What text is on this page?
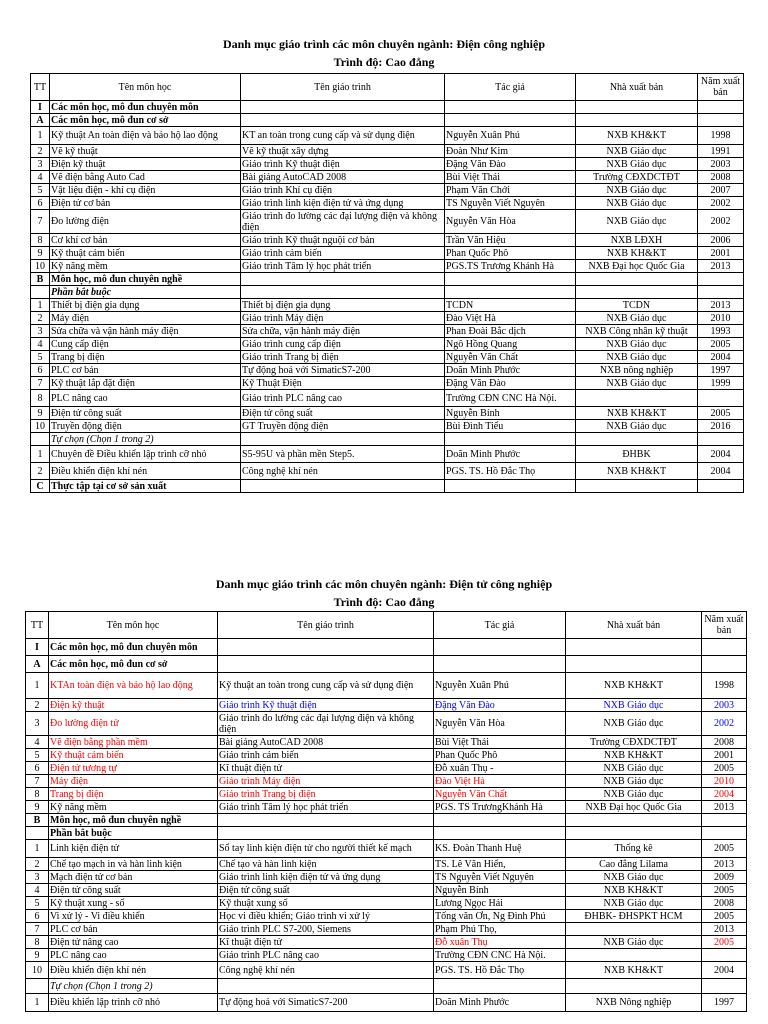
Danh mục giáo trình các môn chuyên ngành: Điện công nghiệp
Trình độ: Cao đẳng
TT	Tên môn học	Tên giáo trình	Tác giả	Nhà xuất bản	Năm xuất bản
I	Các môn học, mô đun chuyên môn				
A	Các môn học, mô đun cơ sở				
1	Kỹ thuật An toàn điện và bảo hộ lao động	KT an toàn trong cung cấp và sử dụng điện	Nguyễn Xuân Phú	NXB KH&KT	1998
2	Vẽ kỹ thuật	Vẽ kỹ thuật xây dựng	Đoàn Như Kim	NXB Giáo dục	1991
3	Điện kỹ thuật	Giáo trình Kỹ thuật điện	Đặng Văn Đào	NXB Giáo dục	2003
4	Vẽ điện bằng Auto Cad	Bài giảng AutoCAD 2008	Bùi Việt Thái	Trường CĐXDCTĐT	2008
5	Vật liệu điện - khí cụ điện	Giáo trình Khí cụ điện	Phạm Văn Chới	NXB Giáo dục	2007
6	Điện tử cơ bản	Giáo trình linh kiện điện tử và ứng dụng	TS Nguyễn Viết Nguyên	NXB Giáo dục	2002
7	Đo lường điện	Giáo trình đo lường các đại lượng điện và không điện	Nguyễn Văn Hòa	NXB Giáo dục	2002
8	Cơ khí cơ bản	Giáo trình Kỹ thuật nguội cơ bản	Trần Văn Hiệu	NXB LĐXH	2006
9	Kỹ thuật cảm biến	Giáo trình cảm biến	Phan Quốc Phô	NXB KH&KT	2001
10	Kỹ năng mềm	Giáo trình Tâm lý học phát triển	PGS.TS Trương Khánh Hà	NXB Đại học Quốc Gia	2013
B	Môn học, mô đun chuyên nghề				
	Phần bắt buộc				
1	Thiết bị điện gia dụng	Thiết bị điện gia dụng	TCDN	TCDN	2013
2	Máy điện	Giáo trình Máy điện	Đào Việt Hà	NXB Giáo dục	2010
3	Sửa chữa và vận hành máy điện	Sửa chữa, vận hành máy điện	Phan Đoài Bắc dịch	NXB Công nhân kỹ thuật	1993
4	Cung cấp điện	Giáo trình cung cấp điện	Ngô Hồng Quang	NXB Giáo dục	2005
5	Trang bị điện	Giáo trình Trang bị điện	Nguyễn Văn Chất	NXB Giáo dục	2004
6	PLC cơ bản	Tự động hoá với SimaticS7-200	Doãn Minh Phước	NXB nông nghiệp	1997
7	Kỹ thuật lắp đặt điện	Kỹ Thuật Điện	Đặng Văn Đào	NXB Giáo dục	1999
8	PLC nâng cao	Giáo trình PLC nâng cao	Trường CĐN CNC Hà Nội.		
9	Điện tử công suất	Điện tử công suất	Nguyễn Bính	NXB KH&KT	2005
10	Truyền động điện	GT Truyền động điện	Bùi Đình Tiểu	NXB Giáo dục	2016
	Tự chọn (Chọn 1 trong 2)				
1	Chuyên đề Điều khiển lập trình cỡ nhỏ	S5-95U và phần mền Step5.	Doãn Minh Phước	ĐHBK	2004
2	Điều khiển điện khí nén	Công nghệ khí nén	PGS. TS. Hồ Đắc Thọ	NXB KH&KT	2004
C	Thực tập tại cơ sở sản xuất				
Danh mục giáo trình các môn chuyên ngành: Điện tử công nghiệp
Trình độ: Cao đẳng
TT	Tên môn học	Tên giáo trình	Tác giả	Nhà xuất bản	Năm xuất bản
I	Các môn học, mô đun chuyên môn				
A	Các môn học, mô đun cơ sở				
1	KTAn toàn điện và bảo hộ lao động	Kỹ thuật an toàn trong cung cấp và sử dụng điện	Nguyễn Xuân Phú	NXB KH&KT	1998
2	Điện kỹ thuật	Giáo trình Kỹ thuật điện	Đặng Văn Đào	NXB Giáo dục	2003
3	Đo lường điện tử	Giáo trình đo lường các đại lượng điện và không điện	Nguyễn Văn Hòa	NXB Giáo dục	2002
4	Vẽ điện bằng phần mềm	Bài giảng AutoCAD 2008	Bùi Việt Thái	Trường CĐXDCTĐT	2008
5	Kỹ thuật cảm biến	Giáo trình cảm biến	Phan Quốc Phô	NXB KH&KT	2001
6	Điện tử tương tự	Kĩ thuật điện tử	Đỗ xuân Thụ -	NXB Giáo dục	2005
7	Máy điện	Giáo trình Máy điện	Đào Việt Hà	NXB Giáo dục	2010
8	Trang bị điện	Giáo trình Trang bị điện	Nguyễn Văn Chất	NXB Giáo dục	2004
9	Kỹ năng mềm	Giáo trình Tâm lý học phát triển	PGS. TS TrươngKhánh Hà	NXB Đại học Quốc Gia	2013
B	Môn học, mô đun chuyên nghề				
	Phần bắt buộc				
1	Linh kiện điện tử	Sổ tay linh kiện điện tử cho người thiết kế mạch	KS. Đoàn Thanh Huệ	Thống kê	2005
2	Chế tạo mạch in và hàn linh kiện	Chế tạo và hàn linh kiện	TS. Lê Văn Hiển,	Cao đẳng Lilama	2013
3	Mạch điện tử cơ bản	Giáo trình linh kiện điện tử và ứng dụng	TS Nguyễn Viết Nguyên	NXB Giáo dục	2009
4	Điện tử công suất	Điện tử công suất	Nguyễn Bính	NXB KH&KT	2005
5	Kỹ thuật xung - số	Kỹ thuật xung số	Lương Ngọc Hải	NXB Giáo dục	2008
6	Vi xử lý - Vi điều khiển	Học vi điều khiển; Giáo trình vi xử lý	Tống văn Ơn, Ng Đình Phú	ĐHBK- ĐHSPKT HCM	2005
7	PLC cơ bản	Giáo trình PLC S7-200, Siemens	Phạm Phú Thọ,		2013
8	Điện tử nâng cao	Kĩ thuật điện tử	Đỗ xuân Thụ	NXB Giáo dục	2005
9	PLC nâng cao	Giáo trình PLC nâng cao	Trường CĐN CNC Hà Nội.		
10	Điều khiển điện khí nén	Công nghệ khí nén	PGS. TS. Hồ Đắc Thọ	NXB KH&KT	2004
	Tự chọn (Chọn 1 trong 2)				
1	Điều khiển lập trình cỡ nhỏ	Tự động hoá với SimaticS7-200	Doãn Minh Phước	NXB Nông nghiệp	1997
